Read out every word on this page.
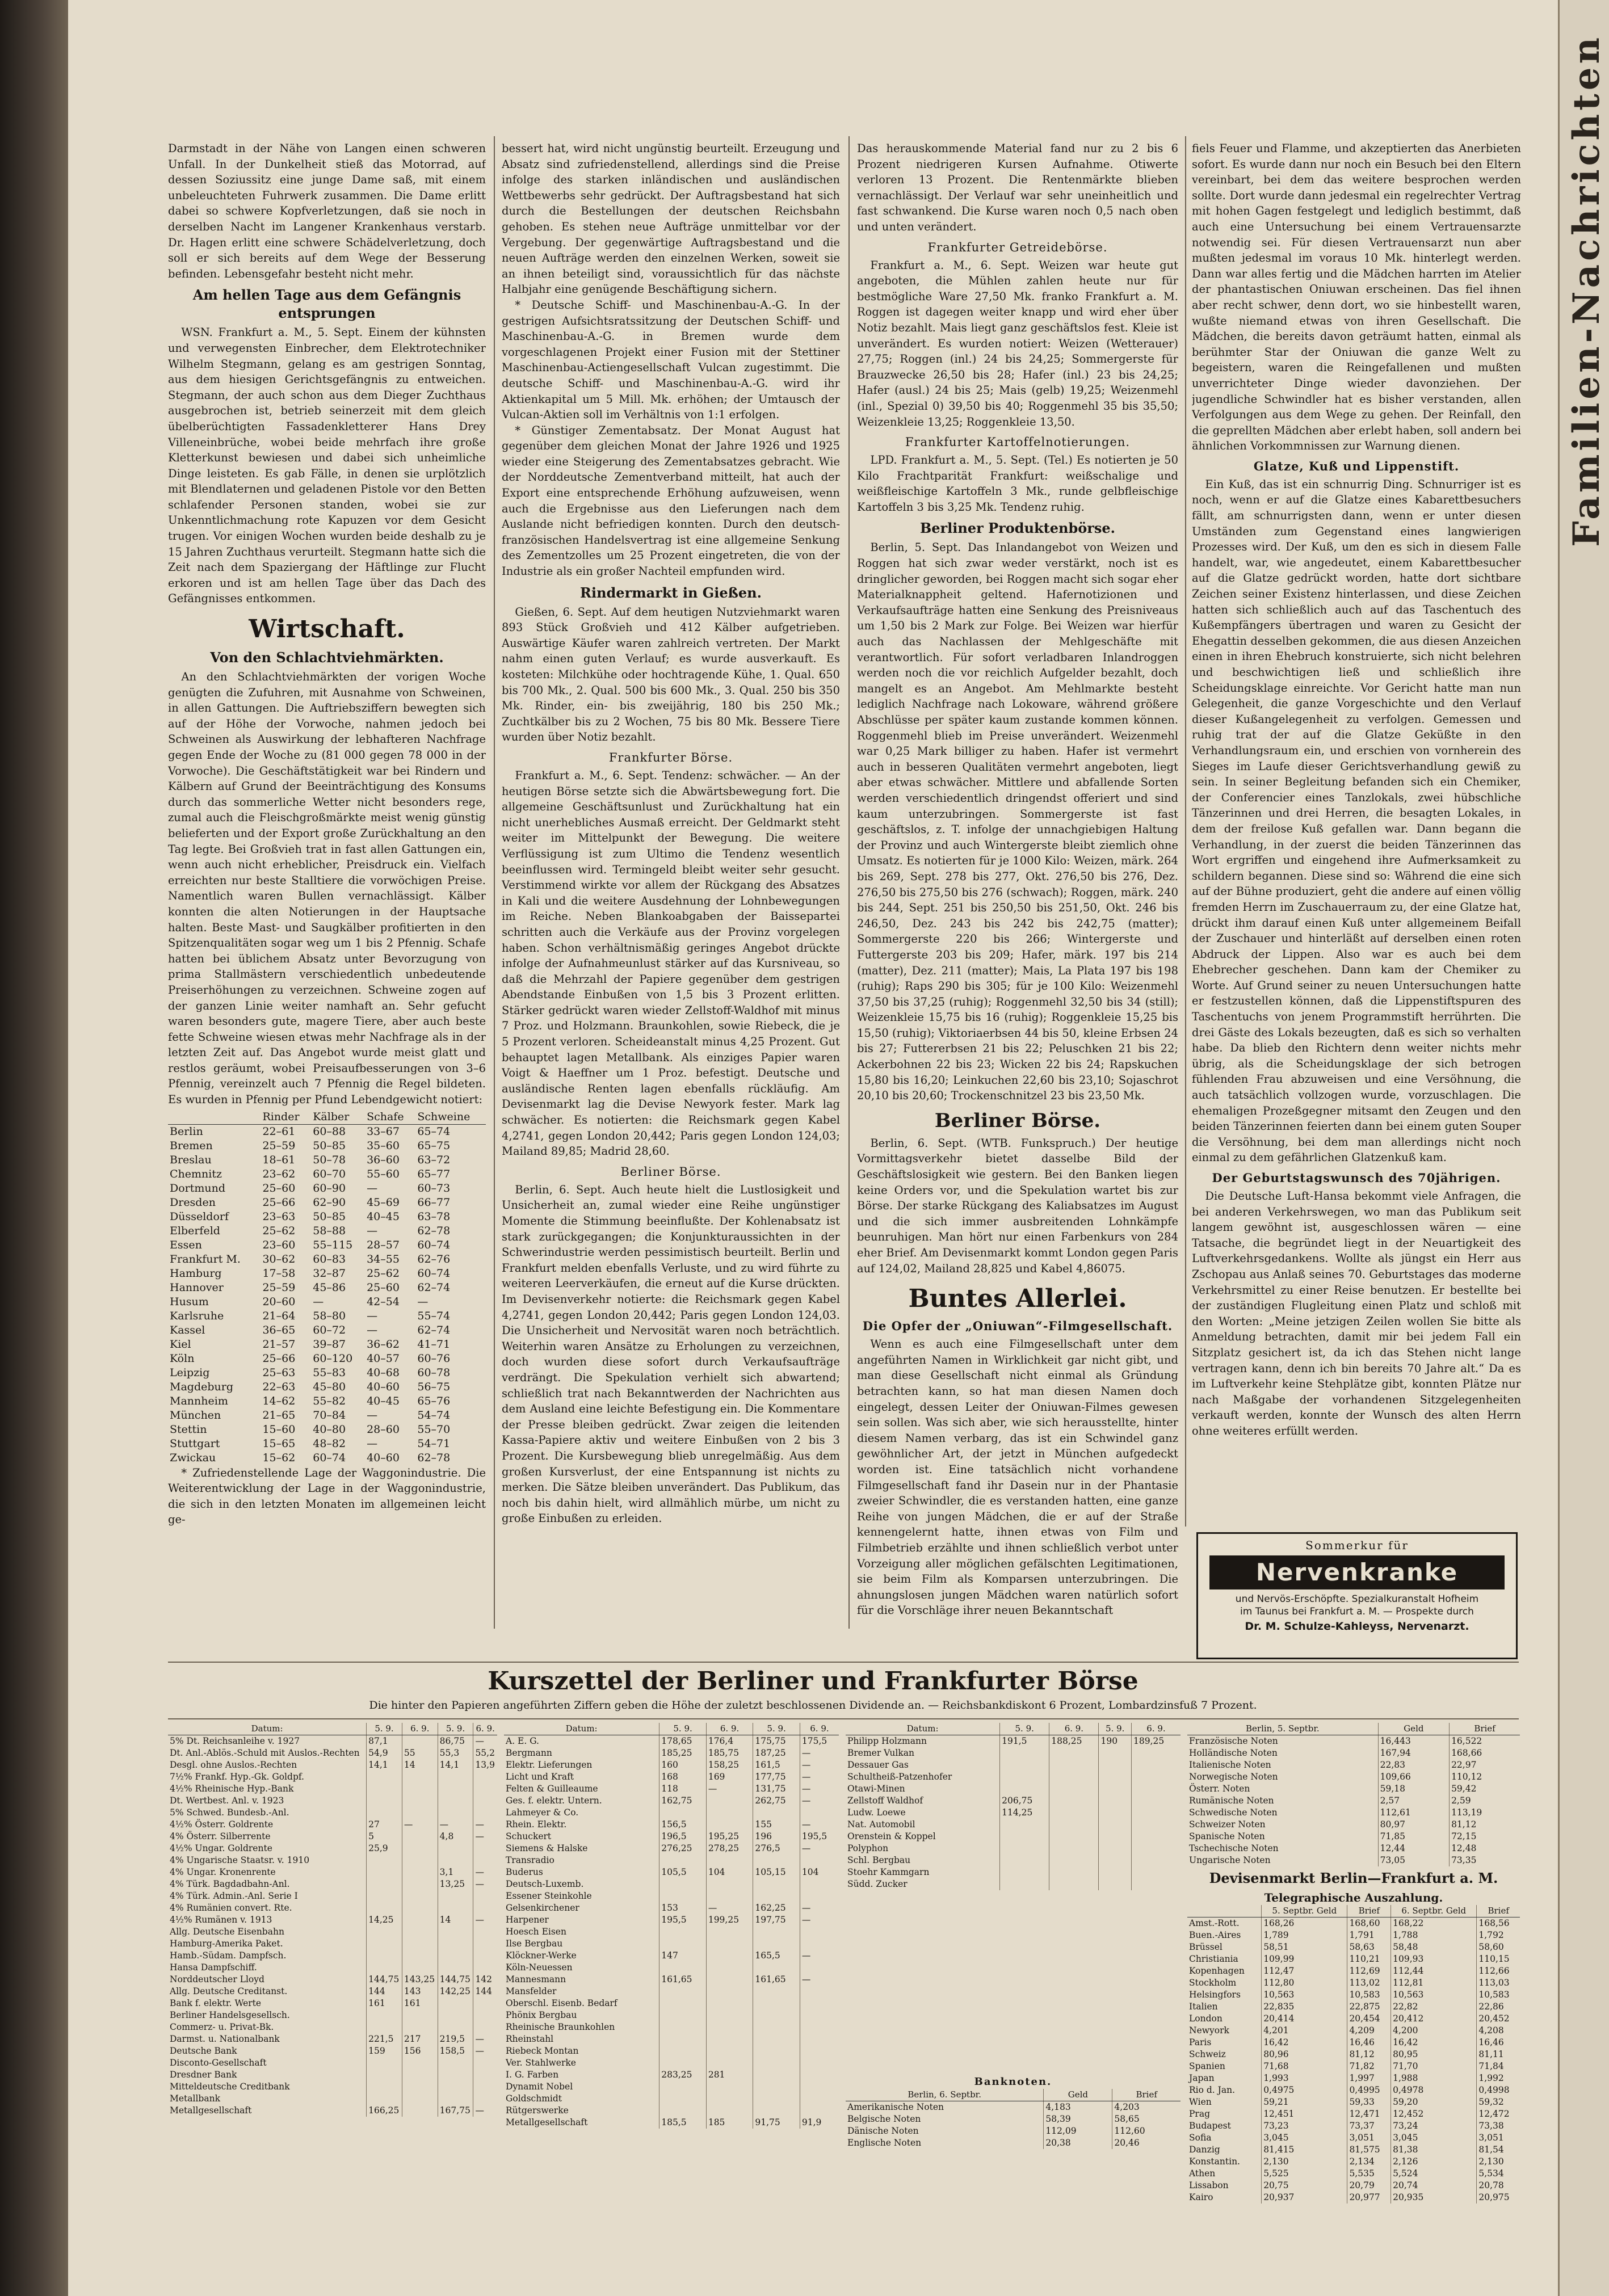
Darmstadt in der Nähe von Langen einen schweren Unfall. In der Dunkelheit stieß das Motorrad, auf dessen Soziussitz eine junge Dame saß, mit einem unbeleuchteten Fuhrwerk zusammen. Die Dame erlitt dabei so schwere Kopfverletzungen, daß sie noch in derselben Nacht im Langener Krankenhaus verstarb. Dr. Hagen erlitt eine schwere Schädelverletzung, doch soll er sich bereits auf dem Wege der Besserung befinden. Lebensgefahr besteht nicht mehr.

Am hellen Tage aus dem Gefängnis entsprungen

WSN. Frankfurt a. M., 5. Sept. Einem der kühnsten und verwegensten Einbrecher, dem Elektrotechniker Wilhelm Stegmann, gelang es am gestrigen Sonntag, aus dem hiesigen Gerichtsgefängnis zu entweichen. Stegmann, der auch schon aus dem Dieger Zuchthaus ausgebrochen ist, betrieb seinerzeit mit dem gleich übelberüchtigten Fassadenkletterer Hans Drey Villeneinbrüche, wobei beide mehrfach ihre große Kletterkunst bewiesen und dabei sich unheimliche Dinge leisteten. Es gab Fälle, in denen sie urplötzlich mit Blendlaternen und geladenen Pistole vor den Betten schlafender Personen standen, wobei sie zur Unkenntlichmachung rote Kapuzen vor dem Gesicht trugen. Vor einigen Wochen wurden beide deshalb zu je 15 Jahren Zuchthaus verurteilt. Stegmann hatte sich die Zeit nach dem Spaziergang der Häftlinge zur Flucht erkoren und ist am hellen Tage über das Dach des Gefängnisses entkommen.

Wirtschaft.
Von den Schlachtviehmärkten.

An den Schlachtviehmärkten der vorigen Woche genügten die Zufuhren, mit Ausnahme von Schweinen, in allen Gattungen. Die Auftriebsziffern bewegten sich auf der Höhe der Vorwoche, nahmen jedoch bei Schweinen als Auswirkung der lebhafteren Nachfrage gegen Ende der Woche zu (81 000 gegen 78 000 in der Vorwoche). Die Geschäftstätigkeit war bei Rindern und Kälbern auf Grund der Beeinträchtigung des Konsums durch das sommerliche Wetter nicht besonders rege, zumal auch die Fleischgroßmärkte meist wenig günstig belieferten und der Export große Zurückhaltung an den Tag legte. Bei Großvieh trat in fast allen Gattungen ein, wenn auch nicht erheblicher, Preisdruck ein. Vielfach erreichten nur beste Stalltiere die vorwöchigen Preise. Namentlich waren Bullen vernachlässigt. Kälber konnten die alten Notierungen in der Hauptsache halten. Beste Mast- und Saugkälber profitierten in den Spitzenqualitäten sogar weg um 1 bis 2 Pfennig. Schafe hatten bei üblichem Absatz unter Bevorzugung von prima Stallmästern verschiedentlich unbedeutende Preiserhöhungen zu verzeichnen. Schweine zogen auf der ganzen Linie weiter namhaft an. Sehr gefucht waren besonders gute, magere Tiere, aber auch beste fette Schweine wiesen etwas mehr Nachfrage als in der letzten Zeit auf. Das Angebot wurde meist glatt und restlos geräumt, wobei Preisaufbesserungen von 3–6 Pfennig, vereinzelt auch 7 Pfennig die Regel bildeten. Es wurden in Pfennig per Pfund Lebendgewicht notiert:

	Rinder	Kälber	Schafe	Schweine
Berlin	22–61	60–88	33–67	65–74
Bremen	25–59	50–85	35–60	65–75
Breslau	18–61	50–78	36–60	63–72
Chemnitz	23–62	60–70	55–60	65–77
Dortmund	25–60	60–90	—	60–73
Dresden	25–66	62–90	45–69	66–77
Düsseldorf	23–63	50–85	40–45	63–78
Elberfeld	25–62	58–88	—	62–78
Essen	23–60	55–115	28–57	60–74
Frankfurt M.	30–62	60–83	34–55	62–76
Hamburg	17–58	32–87	25–62	60–74
Hannover	25–59	45–86	25–60	62–74
Husum	20–60	—	42–54	—
Karlsruhe	21–64	58–80	—	55–74
Kassel	36–65	60–72	—	62–74
Kiel	21–57	39–87	36–62	41–71
Köln	25–66	60–120	40–57	60–76
Leipzig	25–63	55–83	40–68	60–78
Magdeburg	22–63	45–80	40–60	56–75
Mannheim	14–62	55–82	40–45	65–76
München	21–65	70–84	—	54–74
Stettin	15–60	40–80	28–60	55–70
Stuttgart	15–65	48–82	—	54–71
Zwickau	15–62	60–74	40–60	62–78

* Zufriedenstellende Lage der Waggonindustrie. Die Weiterentwicklung der Lage in der Waggonindustrie, die sich in den letzten Monaten im allgemeinen leicht ge-

bessert hat, wird nicht ungünstig beurteilt. Erzeugung und Absatz sind zufriedenstellend, allerdings sind die Preise infolge des starken inländischen und ausländischen Wettbewerbs sehr gedrückt. Der Auftragsbestand hat sich durch die Bestellungen der deutschen Reichsbahn gehoben. Es stehen neue Aufträge unmittelbar vor der Vergebung. Der gegenwärtige Auftragsbestand und die neuen Aufträge werden den einzelnen Werken, soweit sie an ihnen beteiligt sind, voraussichtlich für das nächste Halbjahr eine genügende Beschäftigung sichern.

* Deutsche Schiff- und Maschinenbau-A.-G. In der gestrigen Aufsichtsratssitzung der Deutschen Schiff- und Maschinenbau-A.-G. in Bremen wurde dem vorgeschlagenen Projekt einer Fusion mit der Stettiner Maschinenbau-Actiengesellschaft Vulcan zugestimmt. Die deutsche Schiff- und Maschinenbau-A.-G. wird ihr Aktienkapital um 5 Mill. Mk. erhöhen; der Umtausch der Vulcan-Aktien soll im Verhältnis von 1:1 erfolgen.

* Günstiger Zementabsatz. Der Monat August hat gegenüber dem gleichen Monat der Jahre 1926 und 1925 wieder eine Steigerung des Zementabsatzes gebracht. Wie der Norddeutsche Zementverband mitteilt, hat auch der Export eine entsprechende Erhöhung aufzuweisen, wenn auch die Ergebnisse aus den Lieferungen nach dem Auslande nicht befriedigen konnten. Durch den deutsch-französischen Handelsvertrag ist eine allgemeine Senkung des Zementzolles um 25 Prozent eingetreten, die von der Industrie als ein großer Nachteil empfunden wird.

Rindermarkt in Gießen.

Gießen, 6. Sept. Auf dem heutigen Nutzviehmarkt waren 893 Stück Großvieh und 412 Kälber aufgetrieben. Auswärtige Käufer waren zahlreich vertreten. Der Markt nahm einen guten Verlauf; es wurde ausverkauft. Es kosteten: Milchkühe oder hochtragende Kühe, 1. Qual. 650 bis 700 Mk., 2. Qual. 500 bis 600 Mk., 3. Qual. 250 bis 350 Mk. Rinder, ein- bis zweijährig, 180 bis 250 Mk.; Zuchtkälber bis zu 2 Wochen, 75 bis 80 Mk. Bessere Tiere wurden über Notiz bezahlt.

Frankfurter Börse.

Frankfurt a. M., 6. Sept. Tendenz: schwächer. — An der heutigen Börse setzte sich die Abwärtsbewegung fort. Die allgemeine Geschäftsunlust und Zurückhaltung hat ein nicht unerhebliches Ausmaß erreicht. Der Geldmarkt steht weiter im Mittelpunkt der Bewegung. Die weitere Verflüssigung ist zum Ultimo die Tendenz wesentlich beeinflussen wird. Termingeld bleibt weiter sehr gesucht. Verstimmend wirkte vor allem der Rückgang des Absatzes in Kali und die weitere Ausdehnung der Lohnbewegungen im Reiche. Neben Blankoabgaben der Baissepartei schritten auch die Verkäufe aus der Provinz vorgelegen haben. Schon verhältnismäßig geringes Angebot drückte infolge der Aufnahmeunlust stärker auf das Kursniveau, so daß die Mehrzahl der Papiere gegenüber dem gestrigen Abendstande Einbußen von 1,5 bis 3 Prozent erlitten. Stärker gedrückt waren wieder Zellstoff-Waldhof mit minus 7 Proz. und Holzmann. Braunkohlen, sowie Riebeck, die je 5 Prozent verloren. Scheideanstalt minus 4,25 Prozent. Gut behauptet lagen Metallbank. Als einziges Papier waren Voigt & Haeffner um 1 Proz. befestigt. Deutsche und ausländische Renten lagen ebenfalls rückläufig. Am Devisenmarkt lag die Devise Newyork fester. Mark lag schwächer. Es notierten: die Reichsmark gegen Kabel 4,2741, gegen London 20,442; Paris gegen London 124,03; Mailand 89,85; Madrid 28,60.

Berliner Börse.

Berlin, 6. Sept. Auch heute hielt die Lustlosigkeit und Unsicherheit an, zumal wieder eine Reihe ungünstiger Momente die Stimmung beeinflußte. Der Kohlenabsatz ist stark zurückgegangen; die Konjunkturaussichten in der Schwerindustrie werden pessimistisch beurteilt. Berlin und Frankfurt melden ebenfalls Verluste, und zu wird führte zu weiteren Leerverkäufen, die erneut auf die Kurse drückten. Im Devisenverkehr notierte: die Reichsmark gegen Kabel 4,2741, gegen London 20,442; Paris gegen London 124,03. Die Unsicherheit und Nervosität waren noch beträchtlich. Weiterhin waren Ansätze zu Erholungen zu verzeichnen, doch wurden diese sofort durch Verkaufsaufträge verdrängt. Die Spekulation verhielt sich abwartend; schließlich trat nach Bekanntwerden der Nachrichten aus dem Ausland eine leichte Befestigung ein. Die Kommentare der Presse bleiben gedrückt. Zwar zeigen die leitenden Kassa-Papiere aktiv und weitere Einbußen von 2 bis 3 Prozent. Die Kursbewegung blieb unregelmäßig. Aus dem großen Kursverlust, der eine Entspannung ist nichts zu merken. Die Sätze bleiben unverändert. Das Publikum, das noch bis dahin hielt, wird allmählich mürbe, um nicht zu große Einbußen zu erleiden.

Das herauskommende Material fand nur zu 2 bis 6 Prozent niedrigeren Kursen Aufnahme. Otiwerte verloren 13 Prozent. Die Rentenmärkte blieben vernachlässigt. Der Verlauf war sehr uneinheitlich und fast schwankend. Die Kurse waren noch 0,5 nach oben und unten verändert.

Frankfurter Getreidebörse.

Frankfurt a. M., 6. Sept. Weizen war heute gut angeboten, die Mühlen zahlen heute nur für bestmögliche Ware 27,50 Mk. franko Frankfurt a. M. Roggen ist dagegen weiter knapp und wird eher über Notiz bezahlt. Mais liegt ganz geschäftslos fest. Kleie ist unverändert. Es wurden notiert: Weizen (Wetterauer) 27,75; Roggen (inl.) 24 bis 24,25; Sommergerste für Brauzwecke 26,50 bis 28; Hafer (inl.) 23 bis 24,25; Hafer (ausl.) 24 bis 25; Mais (gelb) 19,25; Weizenmehl (inl., Spezial 0) 39,50 bis 40; Roggenmehl 35 bis 35,50; Weizenkleie 13,25; Roggenkleie 13,50.

Frankfurter Kartoffelnotierungen.

LPD. Frankfurt a. M., 5. Sept. (Tel.) Es notierten je 50 Kilo Frachtparität Frankfurt: weißschalige und weißfleischige Kartoffeln 3 Mk., runde gelbfleischige Kartoffeln 3 bis 3,25 Mk. Tendenz ruhig.

Berliner Produktenbörse.

Berlin, 5. Sept. Das Inlandangebot von Weizen und Roggen hat sich zwar weder verstärkt, noch ist es dringlicher geworden, bei Roggen macht sich sogar eher Materialknappheit geltend. Hafernotizionen und Verkaufsaufträge hatten eine Senkung des Preisniveaus um 1,50 bis 2 Mark zur Folge. Bei Weizen war hierfür auch das Nachlassen der Mehlgeschäfte mit verantwortlich. Für sofort verladbaren Inlandroggen werden noch die vor reichlich Aufgelder bezahlt, doch mangelt es an Angebot. Am Mehlmarkte besteht lediglich Nachfrage nach Lokoware, während größere Abschlüsse per später kaum zustande kommen können. Roggenmehl blieb im Preise unverändert. Weizenmehl war 0,25 Mark billiger zu haben. Hafer ist vermehrt auch in besseren Qualitäten vermehrt angeboten, liegt aber etwas schwächer. Mittlere und abfallende Sorten werden verschiedentlich dringendst offeriert und sind kaum unterzubringen. Sommergerste ist fast geschäftslos, z. T. infolge der unnachgiebigen Haltung der Provinz und auch Wintergerste bleibt ziemlich ohne Umsatz. Es notierten für je 1000 Kilo: Weizen, märk. 264 bis 269, Sept. 278 bis 277, Okt. 276,50 bis 276, Dez. 276,50 bis 275,50 bis 276 (schwach); Roggen, märk. 240 bis 244, Sept. 251 bis 250,50 bis 251,50, Okt. 246 bis 246,50, Dez. 243 bis 242 bis 242,75 (matter); Sommergerste 220 bis 266; Wintergerste und Futtergerste 203 bis 209; Hafer, märk. 197 bis 214 (matter), Dez. 211 (matter); Mais, La Plata 197 bis 198 (ruhig); Raps 290 bis 305; für je 100 Kilo: Weizenmehl 37,50 bis 37,25 (ruhig); Roggenmehl 32,50 bis 34 (still); Weizenkleie 15,75 bis 16 (ruhig); Roggenkleie 15,25 bis 15,50 (ruhig); Viktoriaerbsen 44 bis 50, kleine Erbsen 24 bis 27; Futtererbsen 21 bis 22; Peluschken 21 bis 22; Ackerbohnen 22 bis 23; Wicken 22 bis 24; Rapskuchen 15,80 bis 16,20; Leinkuchen 22,60 bis 23,10; Sojaschrot 20,10 bis 20,60; Trockenschnitzel 23 bis 23,50 Mk.

Berliner Börse.

Berlin, 6. Sept. (WTB. Funkspruch.) Der heutige Vormittagsverkehr bietet dasselbe Bild der Geschäftslosigkeit wie gestern. Bei den Banken liegen keine Orders vor, und die Spekulation wartet bis zur Börse. Der starke Rückgang des Kaliabsatzes im August und die sich immer ausbreitenden Lohnkämpfe beunruhigen. Man hört nur einen Farbenkurs von 284 eher Brief. Am Devisenmarkt kommt London gegen Paris auf 124,02, Mailand 28,825 und Kabel 4,86075.

Buntes Allerlei.
Die Opfer der „Oniuwan“-Filmgesellschaft.

Wenn es auch eine Filmgesellschaft unter dem angeführten Namen in Wirklichkeit gar nicht gibt, und man diese Gesellschaft nicht einmal als Gründung betrachten kann, so hat man diesen Namen doch eingelegt, dessen Leiter der Oniuwan-Filmes gewesen sein sollen. Was sich aber, wie sich herausstellte, hinter diesem Namen verbarg, das ist ein Schwindel ganz gewöhnlicher Art, der jetzt in München aufgedeckt worden ist. Eine tatsächlich nicht vorhandene Filmgesellschaft fand ihr Dasein nur in der Phantasie zweier Schwindler, die es verstanden hatten, eine ganze Reihe von jungen Mädchen, die er auf der Straße kennengelernt hatte, ihnen etwas von Film und Filmbetrieb erzählte und ihnen schließlich verbot unter Vorzeigung aller möglichen gefälschten Legitimationen, sie beim Film als Komparsen unterzubringen. Die ahnungslosen jungen Mädchen waren natürlich sofort für die Vorschläge ihrer neuen Bekanntschaft

fiels Feuer und Flamme, und akzeptierten das Anerbieten sofort. Es wurde dann nur noch ein Besuch bei den Eltern vereinbart, bei dem das weitere besprochen werden sollte. Dort wurde dann jedesmal ein regelrechter Vertrag mit hohen Gagen festgelegt und lediglich bestimmt, daß auch eine Untersuchung bei einem Vertrauensarzte notwendig sei. Für diesen Vertrauensarzt nun aber mußten jedesmal im voraus 10 Mk. hinterlegt werden. Dann war alles fertig und die Mädchen harrten im Atelier der phantastischen Oniuwan erscheinen. Das fiel ihnen aber recht schwer, denn dort, wo sie hinbestellt waren, wußte niemand etwas von ihren Gesellschaft. Die Mädchen, die bereits davon geträumt hatten, einmal als berühmter Star der Oniuwan die ganze Welt zu begeistern, waren die Reingefallenen und mußten unverrichteter Dinge wieder davonziehen. Der jugendliche Schwindler hat es bisher verstanden, allen Verfolgungen aus dem Wege zu gehen. Der Reinfall, den die geprellten Mädchen aber erlebt haben, soll andern bei ähnlichen Vorkommnissen zur Warnung dienen.

Glatze, Kuß und Lippenstift.

Ein Kuß, das ist ein schnurrig Ding. Schnurriger ist es noch, wenn er auf die Glatze eines Kabarettbesuchers fällt, am schnurrigsten dann, wenn er unter diesen Umständen zum Gegenstand eines langwierigen Prozesses wird. Der Kuß, um den es sich in diesem Falle handelt, war, wie angedeutet, einem Kabarettbesucher auf die Glatze gedrückt worden, hatte dort sichtbare Zeichen seiner Existenz hinterlassen, und diese Zeichen hatten sich schließlich auch auf das Taschentuch des Kußempfängers übertragen und waren zu Gesicht der Ehegattin desselben gekommen, die aus diesen Anzeichen einen in ihren Ehebruch konstruierte, sich nicht belehren und beschwichtigen ließ und schließlich ihre Scheidungsklage einreichte. Vor Gericht hatte man nun Gelegenheit, die ganze Vorgeschichte und den Verlauf dieser Kußangelegenheit zu verfolgen. Gemessen und ruhig trat der auf die Glatze Geküßte in den Verhandlungsraum ein, und erschien von vornherein des Sieges im Laufe dieser Gerichtsverhandlung gewiß zu sein. In seiner Begleitung befanden sich ein Chemiker, der Conferencier eines Tanzlokals, zwei hübschliche Tänzerinnen und drei Herren, die besagten Lokales, in dem der freilose Kuß gefallen war. Dann begann die Verhandlung, in der zuerst die beiden Tänzerinnen das Wort ergriffen und eingehend ihre Aufmerksamkeit zu schildern begannen. Diese sind so: Während die eine sich auf der Bühne produziert, geht die andere auf einen völlig fremden Herrn im Zuschauerraum zu, der eine Glatze hat, drückt ihm darauf einen Kuß unter allgemeinem Beifall der Zuschauer und hinterläßt auf derselben einen roten Abdruck der Lippen. Also war es auch bei dem Ehebrecher geschehen. Dann kam der Chemiker zu Worte. Auf Grund seiner zu neuen Untersuchungen hatte er festzustellen können, daß die Lippenstiftspuren des Taschentuchs von jenem Programmstift herrührten. Die drei Gäste des Lokals bezeugten, daß es sich so verhalten habe. Da blieb den Richtern denn weiter nichts mehr übrig, als die Scheidungsklage der sich betrogen fühlenden Frau abzuweisen und eine Versöhnung, die auch tatsächlich vollzogen wurde, vorzuschlagen. Die ehemaligen Prozeßgegner mitsamt den Zeugen und den beiden Tänzerinnen feierten dann bei einem guten Souper die Versöhnung, bei dem man allerdings nicht noch einmal zu dem gefährlichen Glatzenkuß kam.

Der Geburtstagswunsch des 70jährigen.

Die Deutsche Luft-Hansa bekommt viele Anfragen, die bei anderen Verkehrswegen, wo man das Publikum seit langem gewöhnt ist, ausgeschlossen wären — eine Tatsache, die begründet liegt in der Neuartigkeit des Luftverkehrsgedankens. Wollte als jüngst ein Herr aus Zschopau aus Anlaß seines 70. Geburtstages das moderne Verkehrsmittel zu einer Reise benutzen. Er bestellte bei der zuständigen Flugleitung einen Platz und schloß mit den Worten: „Meine jetzigen Zeilen wollen Sie bitte als Anmeldung betrachten, damit mir bei jedem Fall ein Sitzplatz gesichert ist, da ich das Stehen nicht lange vertragen kann, denn ich bin bereits 70 Jahre alt.“ Da es im Luftverkehr keine Stehplätze gibt, konnten Plätze nur nach Maßgabe der vorhandenen Sitzgelegenheiten verkauft werden, konnte der Wunsch des alten Herrn ohne weiteres erfüllt werden.

Sommerkur für
Nervenkranke
und Nervös-Erschöpfte. Spezialkuranstalt Hofheim
im Taunus bei Frankfurt a. M. — Prospekte durch
Dr. M. Schulze-Kahleyss, Nervenarzt.
Kurszettel der Berliner und Frankfurter Börse
Die hinter den Papieren angeführten Ziffern geben die Höhe der zuletzt beschlossenen Dividende an. — Reichsbankdiskont 6 Prozent, Lombardzinsfuß 7 Prozent.
Datum:	5. 9.	6. 9.	5. 9.	6. 9.
5% Dt. Reichsanleihe v. 1927	87,1		86,75	—
Dt. Anl.-Ablös.-Schuld mit Auslos.-Rechten	54,9	55	55,3	55,2
Desgl. ohne Auslos.-Rechten	14,1	14	14,1	13,9
7½% Frankf. Hyp.-Gk. Goldpf.				
4½% Rheinische Hyp.-Bank				
Dt. Wertbest. Anl. v. 1923				
5% Schwed. Bundesb.-Anl.				
4½% Österr. Goldrente	27	—	—	—
4% Österr. Silberrente	5		4,8	—
4½% Ungar. Goldrente	25,9			
4% Ungarische Staatsr. v. 1910				
4% Ungar. Kronenrente			3,1	—
4% Türk. Bagdadbahn-Anl.			13,25	—
4% Türk. Admin.-Anl. Serie I				
4% Rumänien convert. Rte.				
4½% Rumänen v. 1913	14,25		14	—
Allg. Deutsche Eisenbahn				
Hamburg-Amerika Paket.				
Hamb.-Südam. Dampfsch.				
Hansa Dampfschiff.				
Norddeutscher Lloyd	144,75	143,25	144,75	142
Allg. Deutsche Creditanst.	144	143	142,25	144
Bank f. elektr. Werte	161	161		
Berliner Handelsgesellsch.				
Commerz- u. Privat-Bk.				
Darmst. u. Nationalbank	221,5	217	219,5	—
Deutsche Bank	159	156	158,5	—
Disconto-Gesellschaft				
Dresdner Bank				
Mitteldeutsche Creditbank				
Metallbank				
Metallgesellschaft	166,25		167,75	—
Datum:	5. 9.	6. 9.	5. 9.	6. 9.
A. E. G.	178,65	176,4	175,75	175,5
Bergmann	185,25	185,75	187,25	—
Elektr. Lieferungen	160	158,25	161,5	—
Licht und Kraft	168	169	177,75	—
Felten & Guilleaume	118	—	131,75	—
Ges. f. elektr. Untern.	162,75		262,75	—
Lahmeyer & Co.				
Rhein. Elektr.	156,5		155	—
Schuckert	196,5	195,25	196	195,5
Siemens & Halske	276,25	278,25	276,5	—
Transradio				
Buderus	105,5	104	105,15	104
Deutsch-Luxemb.				
Essener Steinkohle				
Gelsenkirchener	153	—	162,25	—
Harpener	195,5	199,25	197,75	—
Hoesch Eisen				
Ilse Bergbau				
Klöckner-Werke	147		165,5	—
Köln-Neuessen				
Mannesmann	161,65		161,65	—
Mansfelder				
Oberschl. Eisenb. Bedarf				
Phönix Bergbau				
Rheinische Braunkohlen				
Rheinstahl				
Riebeck Montan				
Ver. Stahlwerke				
I. G. Farben	283,25	281		
Dynamit Nobel				
Goldschmidt				
Rütgerswerke				
Metallgesellschaft	185,5	185	91,75	91,9
Datum:	5. 9.	6. 9.	5. 9.	6. 9.
Philipp Holzmann	191,5	188,25	190	189,25
Bremer Vulkan				
Dessauer Gas				
Schultheiß-Patzenhofer				
Otawi-Minen				
Zellstoff Waldhof	206,75			
Ludw. Loewe	114,25			
Nat. Automobil				
Orenstein & Koppel				
Polyphon				
Schl. Bergbau				
Stoehr Kammgarn				
Südd. Zucker				
Banknoten.
Berlin, 6. Septbr.	Geld	Brief
Amerikanische Noten	4,183	4,203
Belgische Noten	58,39	58,65
Dänische Noten	112,09	112,60
Englische Noten	20,38	20,46
Berlin, 5. Septbr.	Geld	Brief
Französische Noten	16,443	16,522
Holländische Noten	167,94	168,66
Italienische Noten	22,83	22,97
Norwegische Noten	109,66	110,12
Österr. Noten	59,18	59,42
Rumänische Noten	2,57	2,59
Schwedische Noten	112,61	113,19
Schweizer Noten	80,97	81,12
Spanische Noten	71,85	72,15
Tschechische Noten	12,44	12,48
Ungarische Noten	73,05	73,35
Devisenmarkt Berlin—Frankfurt a. M.
Telegraphische Auszahlung.
	5. Septbr. Geld	Brief	6. Septbr. Geld	Brief
Amst.-Rott.	168,26	168,60	168,22	168,56
Buen.-Aires	1,789	1,791	1,788	1,792
Brüssel	58,51	58,63	58,48	58,60
Christiania	109,99	110,21	109,93	110,15
Kopenhagen	112,47	112,69	112,44	112,66
Stockholm	112,80	113,02	112,81	113,03
Helsingfors	10,563	10,583	10,563	10,583
Italien	22,835	22,875	22,82	22,86
London	20,414	20,454	20,412	20,452
Newyork	4,201	4,209	4,200	4,208
Paris	16,42	16,46	16,42	16,46
Schweiz	80,96	81,12	80,95	81,11
Spanien	71,68	71,82	71,70	71,84
Japan	1,993	1,997	1,988	1,992
Rio d. Jan.	0,4975	0,4995	0,4978	0,4998
Wien	59,21	59,33	59,20	59,32
Prag	12,451	12,471	12,452	12,472
Budapest	73,23	73,37	73,24	73,38
Sofia	3,045	3,051	3,045	3,051
Danzig	81,415	81,575	81,38	81,54
Konstantin.	2,130	2,134	2,126	2,130
Athen	5,525	5,535	5,524	5,534
Lissabon	20,75	20,79	20,74	20,78
Kairo	20,937	20,977	20,935	20,975
Familien-Nachrichten
